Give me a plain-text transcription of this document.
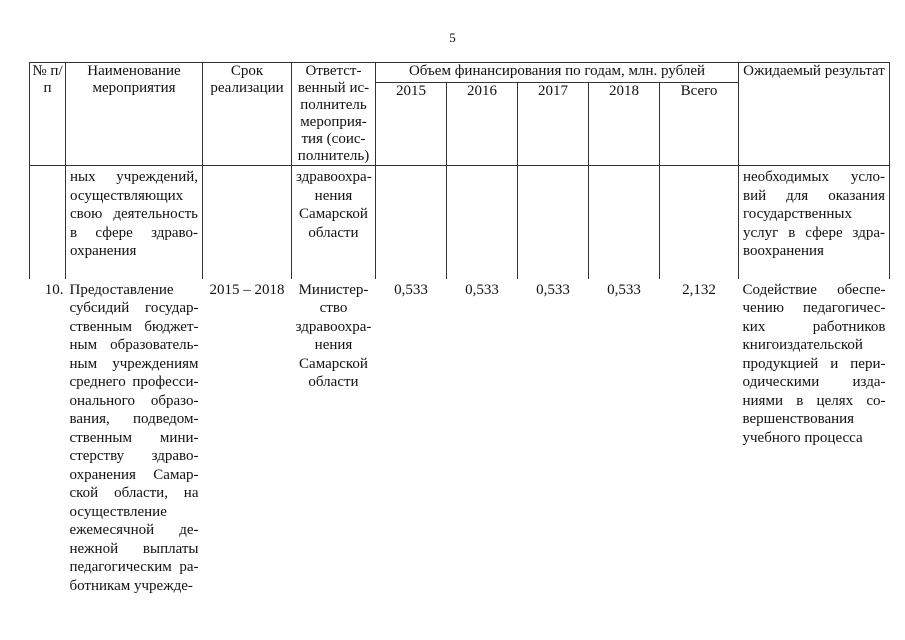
5
№ п/п	Наименование мероприятия	Срок реализации	Ответст-венный ис-полнитель мероприя-тия (соис-полнитель)	Объем финансирования по годам, млн. рублей					Ожидаемый результат
				2015	2016	2017	2018	Всего	
	ных учреждений, осуществляющих свою деятельность в сфере здраво-охранения		здравоохра-нения Самарской области						необходимых усло-вий для оказания государственных услуг в сфере здра-воохранения
10.	Предоставление субсидий государ-ственным бюджет-ным образователь-ным учреждениям среднего професси-онального образо-вания, подведом-ственным мини-стерству здраво-охранения Самар-ской области, на осуществление ежемесячной де-нежной выплаты педагогическим ра-ботникам учрежде-	2015 – 2018	Министер-ство здравоохра-нения Самарской области	0,533	0,533	0,533	0,533	2,132	Содействие обеспе-чению педагогичес-ких работников книгоиздательской продукцией и пери-одическими изда-ниями в целях со-вершенствования учебного процесса
